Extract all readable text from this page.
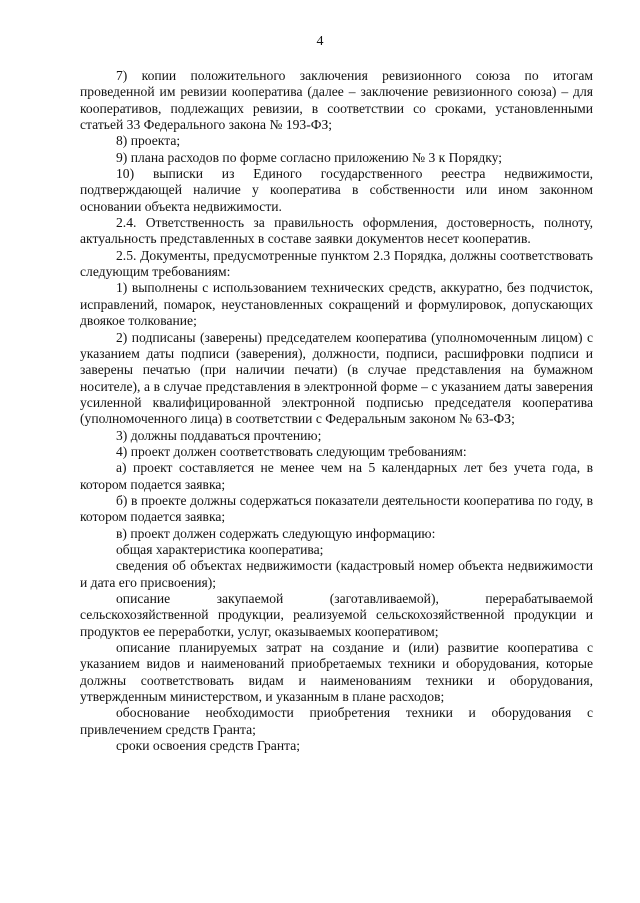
4

7) копии положительного заключения ревизионного союза по итогам проведенной им ревизии кооператива (далее – заключение ревизионного союза) – для кооперативов, подлежащих ревизии, в соответствии со сроками, установленными статьей 33 Федерального закона № 193-ФЗ;

8) проекта;

9) плана расходов по форме согласно приложению № 3 к Порядку;

10) выписки из Единого государственного реестра недвижимости, подтверждающей наличие у кооператива в собственности или ином законном основании объекта недвижимости.

2.4. Ответственность за правильность оформления, достоверность, полноту, актуальность представленных в составе заявки документов несет кооператив.

2.5. Документы, предусмотренные пунктом 2.3 Порядка, должны соответствовать следующим требованиям:

1) выполнены с использованием технических средств, аккуратно, без подчисток, исправлений, помарок, неустановленных сокращений и формулировок, допускающих двоякое толкование;

2) подписаны (заверены) председателем кооператива (уполномоченным лицом) с указанием даты подписи (заверения), должности, подписи, расшифровки подписи и заверены печатью (при наличии печати) (в случае представления на бумажном носителе), а в случае представления в электронной форме – с указанием даты заверения усиленной квалифицированной электронной подписью председателя кооператива (уполномоченного лица) в соответствии с Федеральным законом № 63-ФЗ;

3) должны поддаваться прочтению;

4) проект должен соответствовать следующим требованиям:

а) проект составляется не менее чем на 5 календарных лет без учета года, в котором подается заявка;

б) в проекте должны содержаться показатели деятельности кооператива по году, в котором подается заявка;

в) проект должен содержать следующую информацию:

общая характеристика кооператива;

сведения об объектах недвижимости (кадастровый номер объекта недвижимости и дата его присвоения);

описание закупаемой (заготавливаемой), перерабатываемой сельскохозяйственной продукции, реализуемой сельскохозяйственной продукции и продуктов ее переработки, услуг, оказываемых кооперативом;

описание планируемых затрат на создание и (или) развитие кооператива с указанием видов и наименований приобретаемых техники и оборудования, которые должны соответствовать видам и наименованиям техники и оборудования, утвержденным министерством, и указанным в плане расходов;

обоснование необходимости приобретения техники и оборудования с привлечением средств Гранта;

сроки освоения средств Гранта;
